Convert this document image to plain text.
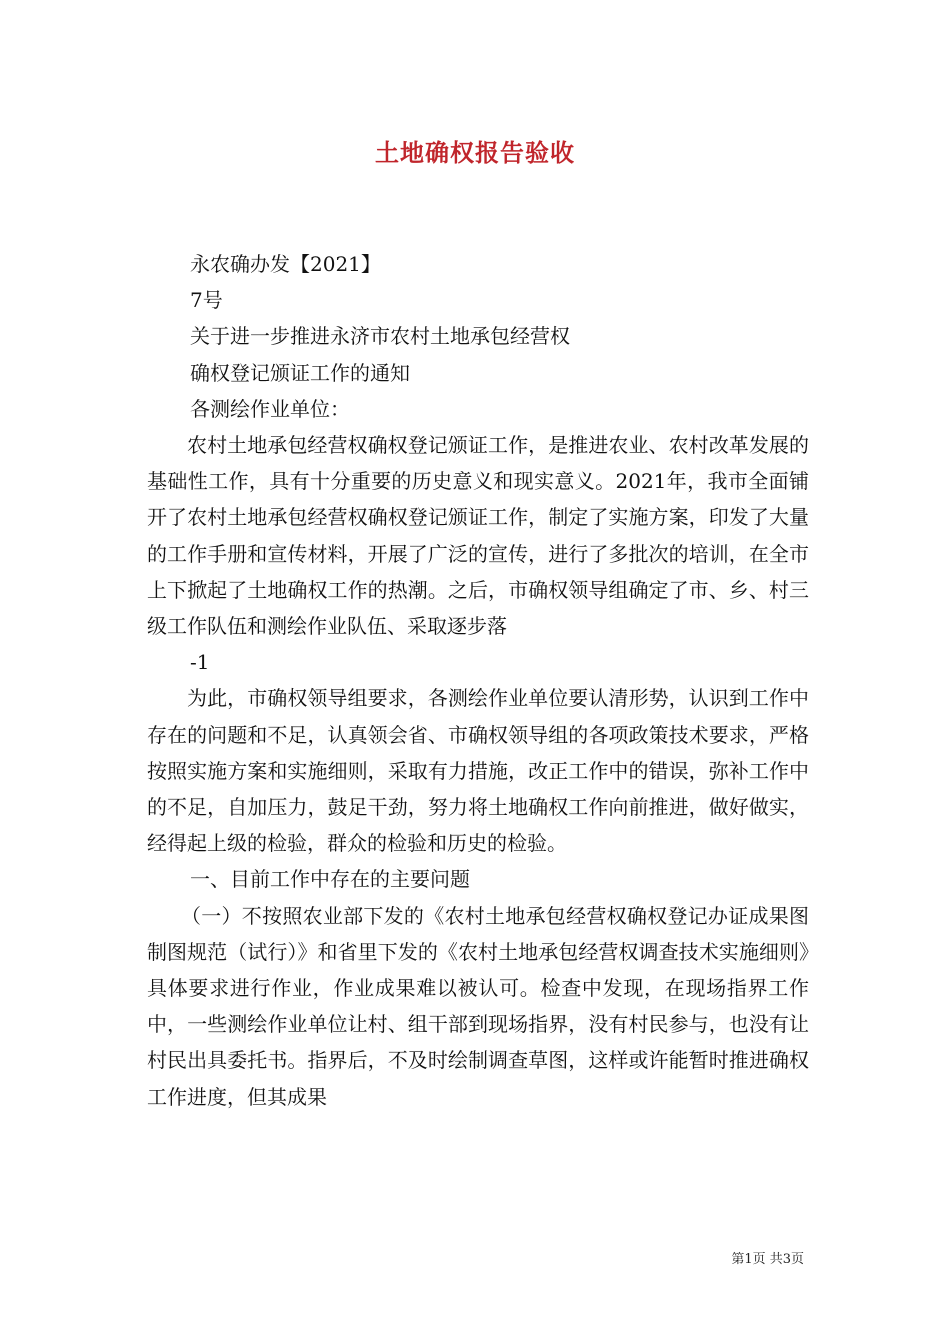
土地确权报告验收

永农确办发【2021】

7号

关于进一步推进永济市农村土地承包经营权

确权登记颁证工作的通知

各测绘作业单位：

农村土地承包经营权确权登记颁证工作，是推进农业、农村改革发展的基础性工作，具有十分重要的历史意义和现实意义。2021年，我市全面铺开了农村土地承包经营权确权登记颁证工作，制定了实施方案，印发了大量的工作手册和宣传材料，开展了广泛的宣传，进行了多批次的培训，在全市上下掀起了土地确权工作的热潮。之后，市确权领导组确定了市、乡、村三级工作队伍和测绘作业队伍、采取逐步落

-1

为此，市确权领导组要求，各测绘作业单位要认清形势，认识到工作中存在的问题和不足，认真领会省、市确权领导组的各项政策技术要求，严格按照实施方案和实施细则，采取有力措施，改正工作中的错误，弥补工作中的不足，自加压力，鼓足干劲，努力将土地确权工作向前推进，做好做实，经得起上级的检验，群众的检验和历史的检验。

一、目前工作中存在的主要问题

（一）不按照农业部下发的《农村土地承包经营权确权登记办证成果图制图规范（试行）》和省里下发的《农村土地承包经营权调查技术实施细则》具体要求进行作业，作业成果难以被认可。检查中发现，在现场指界工作中，一些测绘作业单位让村、组干部到现场指界，没有村民参与，也没有让村民出具委托书。指界后，不及时绘制调查草图，这样或许能暂时推进确权工作进度，但其成果

第1页 共3页
